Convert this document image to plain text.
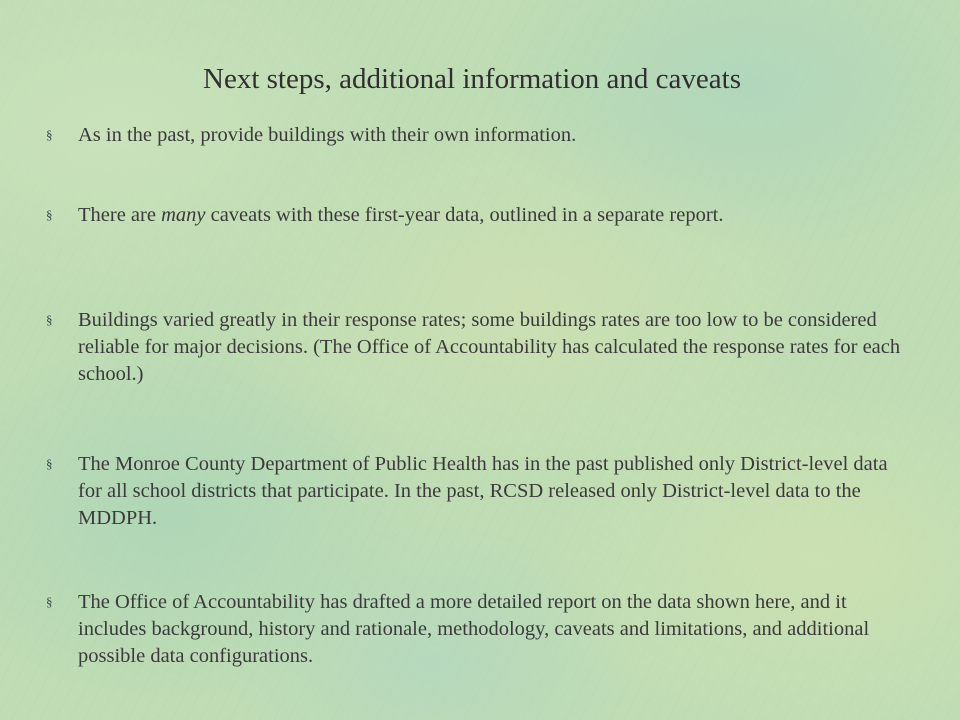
Next steps, additional information and caveats
§	As in the past, provide buildings with their own information.
§	There are many caveats with these first-year data, outlined in a separate report.
§	Buildings varied greatly in their response rates; some buildings rates are too low to be considered reliable for major decisions. (The Office of Accountability has calculated the response rates for each school.)
§	The Monroe County Department of Public Health has in the past published only District-level data for all school districts that participate. In the past, RCSD released only District-level data to the MDDPH.
§	The Office of Accountability has drafted a more detailed report on the data shown here, and it includes background, history and rationale, methodology, caveats and limitations, and additional possible data configurations.
